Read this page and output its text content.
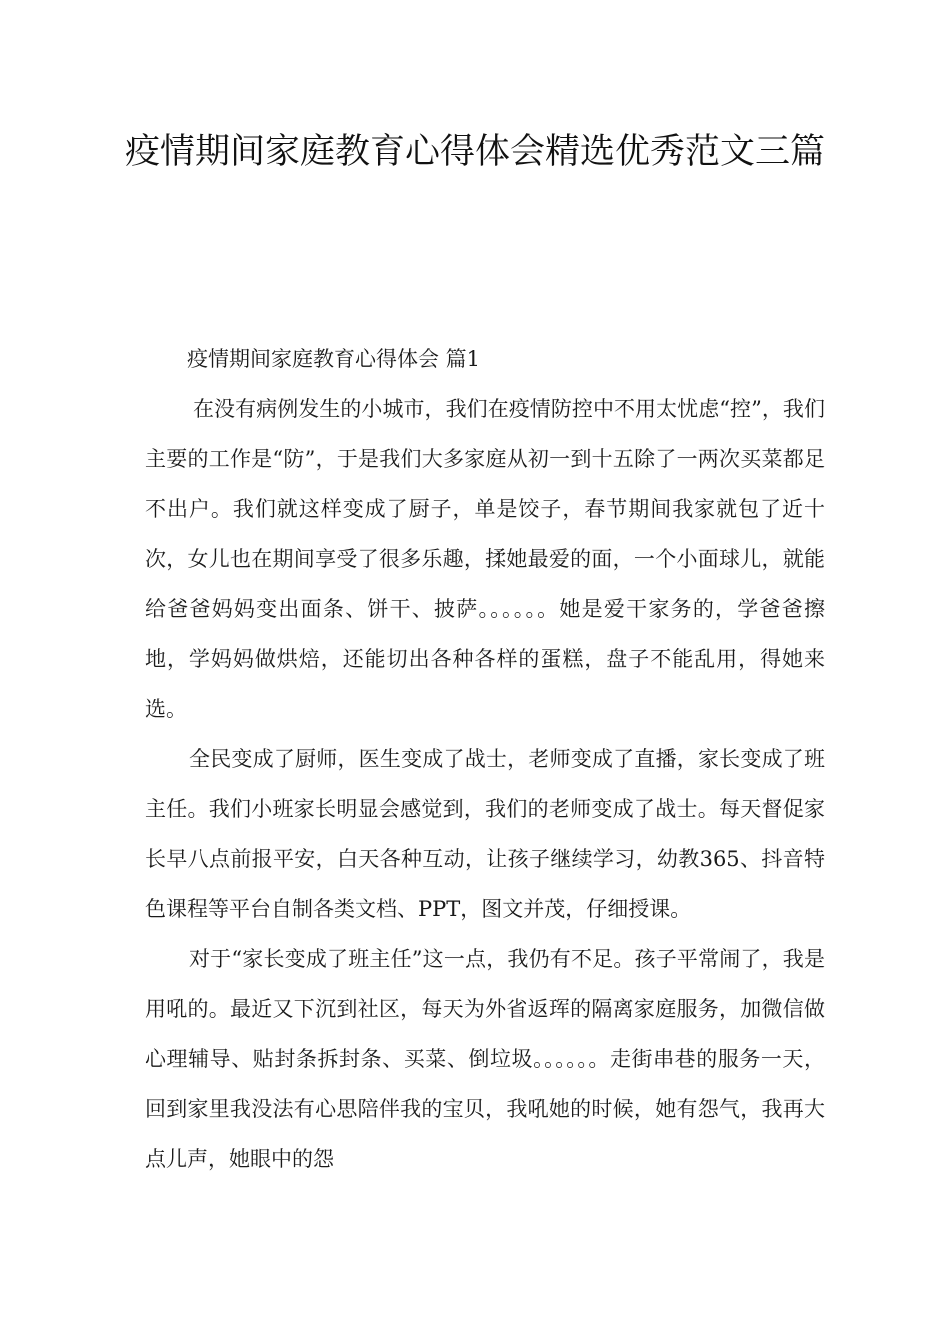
疫情期间家庭教育心得体会精选优秀范文三篇

疫情期间家庭教育心得体会 篇1

在没有病例发生的小城市，我们在疫情防控中不用太忧虑“控”，我们主要的工作是“防”，于是我们大多家庭从初一到十五除了一两次买菜都足不出户。我们就这样变成了厨子，单是饺子，春节期间我家就包了近十次，女儿也在期间享受了很多乐趣，揉她最爱的面，一个小面球儿，就能给爸爸妈妈变出面条、饼干、披萨。。。。。。她是爱干家务的，学爸爸擦地，学妈妈做烘焙，还能切出各种各样的蛋糕，盘子不能乱用，得她来选。

全民变成了厨师，医生变成了战士，老师变成了直播，家长变成了班主任。我们小班家长明显会感觉到，我们的老师变成了战士。每天督促家长早八点前报平安，白天各种互动，让孩子继续学习，幼教365、抖音特色课程等平台自制各类文档、PPT，图文并茂，仔细授课。

对于“家长变成了班主任”这一点，我仍有不足。孩子平常闹了，我是用吼的。最近又下沉到社区，每天为外省返珲的隔离家庭服务，加微信做心理辅导、贴封条拆封条、买菜、倒垃圾。。。。。。走街串巷的服务一天，回到家里我没法有心思陪伴我的宝贝，我吼她的时候，她有怨气，我再大点儿声，她眼中的怨
